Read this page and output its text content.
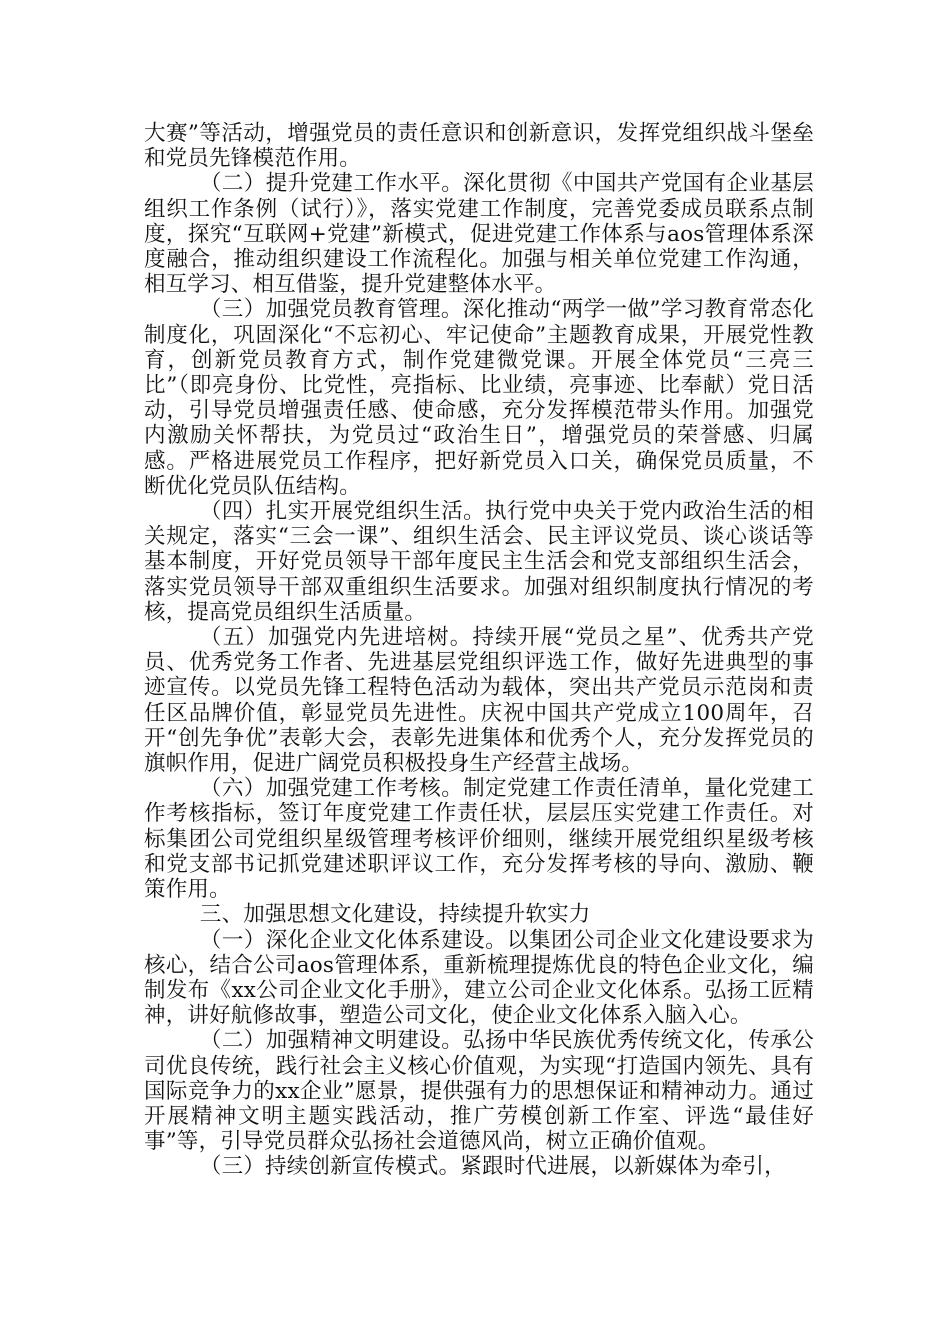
大赛”等活动，增强党员的责任意识和创新意识，发挥党组织战斗堡垒和党员先锋模范作用。

（二）提升党建工作水平。深化贯彻《中国共产党国有企业基层组织工作条例（试行）》，落实党建工作制度，完善党委成员联系点制度，探究“互联网+党建”新模式，促进党建工作体系与aos管理体系深度融合，推动组织建设工作流程化。加强与相关单位党建工作沟通，相互学习、相互借鉴，提升党建整体水平。

（三）加强党员教育管理。深化推动“两学一做”学习教育常态化制度化，巩固深化“不忘初心、牢记使命”主题教育成果，开展党性教育，创新党员教育方式，制作党建微党课。开展全体党员“三亮三比”（即亮身份、比党性，亮指标、比业绩，亮事迹、比奉献）党日活动，引导党员增强责任感、使命感，充分发挥模范带头作用。加强党内激励关怀帮扶，为党员过“政治生日”，增强党员的荣誉感、归属感。严格进展党员工作程序，把好新党员入口关，确保党员质量，不断优化党员队伍结构。

（四）扎实开展党组织生活。执行党中央关于党内政治生活的相关规定，落实“三会一课”、组织生活会、民主评议党员、谈心谈话等基本制度，开好党员领导干部年度民主生活会和党支部组织生活会，落实党员领导干部双重组织生活要求。加强对组织制度执行情况的考核，提高党员组织生活质量。

（五）加强党内先进培树。持续开展“党员之星”、优秀共产党员、优秀党务工作者、先进基层党组织评选工作，做好先进典型的事迹宣传。以党员先锋工程特色活动为载体，突出共产党员示范岗和责任区品牌价值，彰显党员先进性。庆祝中国共产党成立100周年，召开“创先争优”表彰大会，表彰先进集体和优秀个人，充分发挥党员的旗帜作用，促进广阔党员积极投身生产经营主战场。

（六）加强党建工作考核。制定党建工作责任清单，量化党建工作考核指标，签订年度党建工作责任状，层层压实党建工作责任。对标集团公司党组织星级管理考核评价细则，继续开展党组织星级考核和党支部书记抓党建述职评议工作，充分发挥考核的导向、激励、鞭策作用。

三、加强思想文化建设，持续提升软实力

（一）深化企业文化体系建设。以集团公司企业文化建设要求为核心，结合公司aos管理体系，重新梳理提炼优良的特色企业文化，编制发布《xx公司企业文化手册》，建立公司企业文化体系。弘扬工匠精神，讲好航修故事，塑造公司文化，使企业文化体系入脑入心。

（二）加强精神文明建设。弘扬中华民族优秀传统文化，传承公司优良传统，践行社会主义核心价值观，为实现“打造国内领先、具有国际竞争力的xx企业”愿景，提供强有力的思想保证和精神动力。通过开展精神文明主题实践活动，推广劳模创新工作室、评选“最佳好事”等，引导党员群众弘扬社会道德风尚，树立正确价值观。

（三）持续创新宣传模式。紧跟时代进展，以新媒体为牵引，
